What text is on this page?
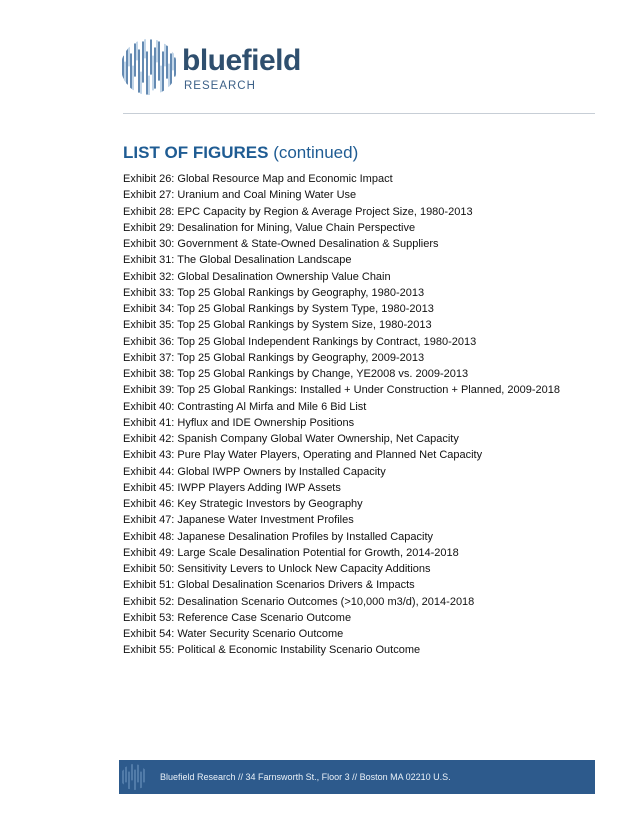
bluefield
RESEARCH
LIST OF FIGURES (continued)
Exhibit 26: Global Resource Map and Economic Impact
Exhibit 27: Uranium and Coal Mining Water Use
Exhibit 28: EPC Capacity by Region & Average Project Size, 1980-2013
Exhibit 29: Desalination for Mining, Value Chain Perspective
Exhibit 30: Government & State-Owned Desalination & Suppliers
Exhibit 31: The Global Desalination Landscape
Exhibit 32: Global Desalination Ownership Value Chain
Exhibit 33: Top 25 Global Rankings by Geography, 1980-2013
Exhibit 34: Top 25 Global Rankings by System Type, 1980-2013
Exhibit 35: Top 25 Global Rankings by System Size, 1980-2013
Exhibit 36: Top 25 Global Independent Rankings by Contract, 1980-2013
Exhibit 37: Top 25 Global Rankings by Geography, 2009-2013
Exhibit 38: Top 25 Global Rankings by Change, YE2008 vs. 2009-2013
Exhibit 39: Top 25 Global Rankings: Installed + Under Construction + Planned, 2009-2018
Exhibit 40: Contrasting Al Mirfa and Mile 6 Bid List
Exhibit 41: Hyflux and IDE Ownership Positions
Exhibit 42: Spanish Company Global Water Ownership, Net Capacity
Exhibit 43: Pure Play Water Players, Operating and Planned Net Capacity
Exhibit 44: Global IWPP Owners by Installed Capacity
Exhibit 45: IWPP Players Adding IWP Assets
Exhibit 46: Key Strategic Investors by Geography
Exhibit 47: Japanese Water Investment Profiles
Exhibit 48: Japanese Desalination Profiles by Installed Capacity
Exhibit 49: Large Scale Desalination Potential for Growth, 2014-2018
Exhibit 50: Sensitivity Levers to Unlock New Capacity Additions
Exhibit 51: Global Desalination Scenarios Drivers & Impacts
Exhibit 52: Desalination Scenario Outcomes (>10,000 m3/d), 2014-2018
Exhibit 53: Reference Case Scenario Outcome
Exhibit 54: Water Security Scenario Outcome
Exhibit 55: Political & Economic Instability Scenario Outcome
Bluefield Research // 34 Farnsworth St., Floor 3 // Boston MA 02210 U.S.
